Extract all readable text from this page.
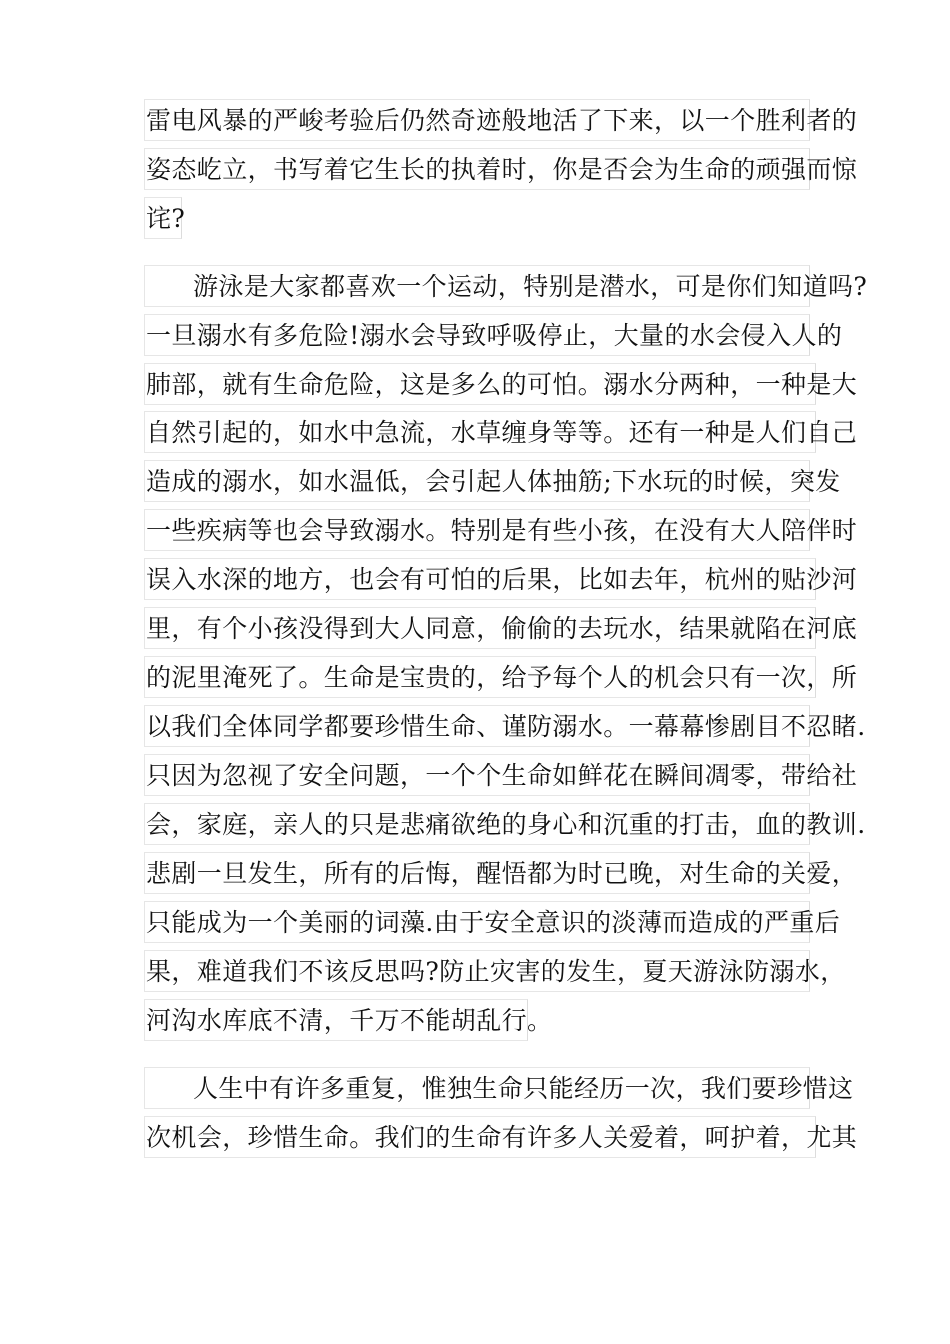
雷电风暴的严峻考验后仍然奇迹般地活了下来，以一个胜利者的
姿态屹立，书写着它生长的执着时，你是否会为生命的顽强而惊
诧?
游泳是大家都喜欢一个运动，特别是潜水，可是你们知道吗?
一旦溺水有多危险!溺水会导致呼吸停止，大量的水会侵入人的
肺部，就有生命危险，这是多么的可怕。溺水分两种，一种是大
自然引起的，如水中急流，水草缠身等等。还有一种是人们自己
造成的溺水，如水温低，会引起人体抽筋;下水玩的时候，突发
一些疾病等也会导致溺水。特别是有些小孩，在没有大人陪伴时
误入水深的地方，也会有可怕的后果，比如去年，杭州的贴沙河
里，有个小孩没得到大人同意，偷偷的去玩水，结果就陷在河底
的泥里淹死了。生命是宝贵的，给予每个人的机会只有一次，所
以我们全体同学都要珍惜生命、谨防溺水。一幕幕惨剧目不忍睹.
只因为忽视了安全问题，一个个生命如鲜花在瞬间凋零，带给社
会，家庭，亲人的只是悲痛欲绝的身心和沉重的打击，血的教训.
悲剧一旦发生，所有的后悔，醒悟都为时已晚，对生命的关爱，
只能成为一个美丽的词藻.由于安全意识的淡薄而造成的严重后
果，难道我们不该反思吗?防止灾害的发生，夏天游泳防溺水，
河沟水库底不清，千万不能胡乱行。
人生中有许多重复，惟独生命只能经历一次，我们要珍惜这
次机会，珍惜生命。我们的生命有许多人关爱着，呵护着，尤其
